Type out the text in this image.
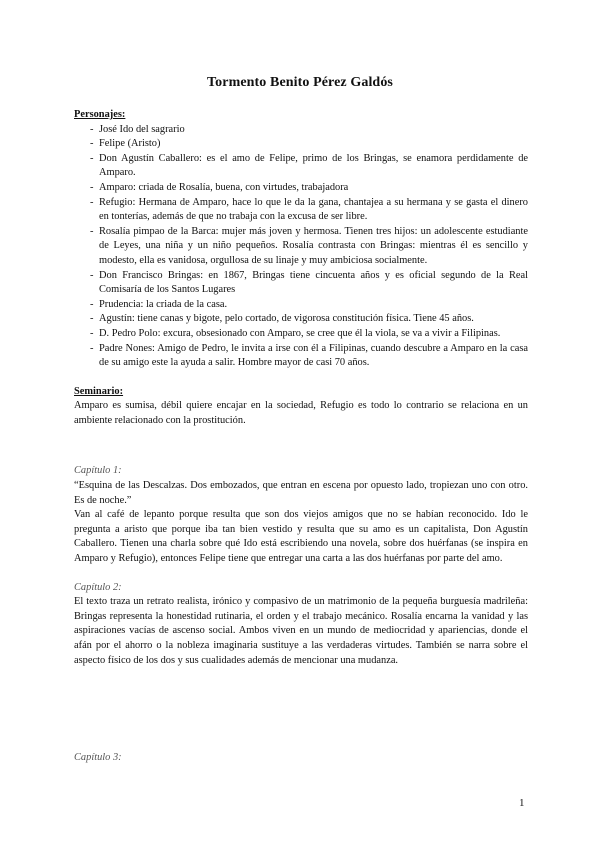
Tormento Benito Pérez Galdós
Personajes:
- José Ido del sagrario
- Felipe (Aristo)
- Don Agustín Caballero: es el amo de Felipe, primo de los Bringas, se enamora perdidamente de Amparo.
- Amparo: criada de Rosalía, buena, con virtudes, trabajadora
- Refugio: Hermana de Amparo, hace lo que le da la gana, chantajea a su hermana y se gasta el dinero en tonterías, además de que no trabaja con la excusa de ser libre.
- Rosalía pimpao de la Barca: mujer más joven y hermosa. Tienen tres hijos: un adolescente estudiante de Leyes, una niña y un niño pequeños. Rosalía contrasta con Bringas: mientras él es sencillo y modesto, ella es vanidosa, orgullosa de su linaje y muy ambiciosa socialmente.
- Don Francisco Bringas: en 1867, Bringas tiene cincuenta años y es oficial segundo de la Real Comisaría de los Santos Lugares
- Prudencia: la criada de la casa.
- Agustín: tiene canas y bigote, pelo cortado, de vigorosa constitución física. Tiene 45 años.
- D. Pedro Polo: excura, obsesionado con Amparo, se cree que él la viola, se va a vivir a Filipinas.
- Padre Nones: Amigo de Pedro, le invita a irse con él a Filipinas, cuando descubre a Amparo en la casa de su amigo este la ayuda a salir. Hombre mayor de casi 70 años.
Seminario:
Amparo es sumisa, débil quiere encajar en la sociedad, Refugio es todo lo contrario se relaciona en un ambiente relacionado con la prostitución.
Capítulo 1:
“Esquina de las Descalzas. Dos embozados, que entran en escena por opuesto lado, tropiezan uno con otro. Es de noche.”
Van al café de lepanto porque resulta que son dos viejos amigos que no se habían reconocido. Ido le pregunta a aristo que porque iba tan bien vestido y resulta que su amo es un capitalista, Don Agustín Caballero. Tienen una charla sobre qué Ido está escribiendo una novela, sobre dos huérfanas (se inspira en Amparo y Refugio), entonces Felipe tiene que entregar una carta a las dos huérfanas por parte del amo.
Capítulo 2:
El texto traza un retrato realista, irónico y compasivo de un matrimonio de la pequeña burguesía madrileña: Bringas representa la honestidad rutinaria, el orden y el trabajo mecánico. Rosalía encarna la vanidad y las aspiraciones vacías de ascenso social. Ambos viven en un mundo de mediocridad y apariencias, donde el afán por el ahorro o la nobleza imaginaria sustituye a las verdaderas virtudes. También se narra sobre el aspecto físico de los dos y sus cualidades además de mencionar una mudanza.
Capítulo 3:
1
